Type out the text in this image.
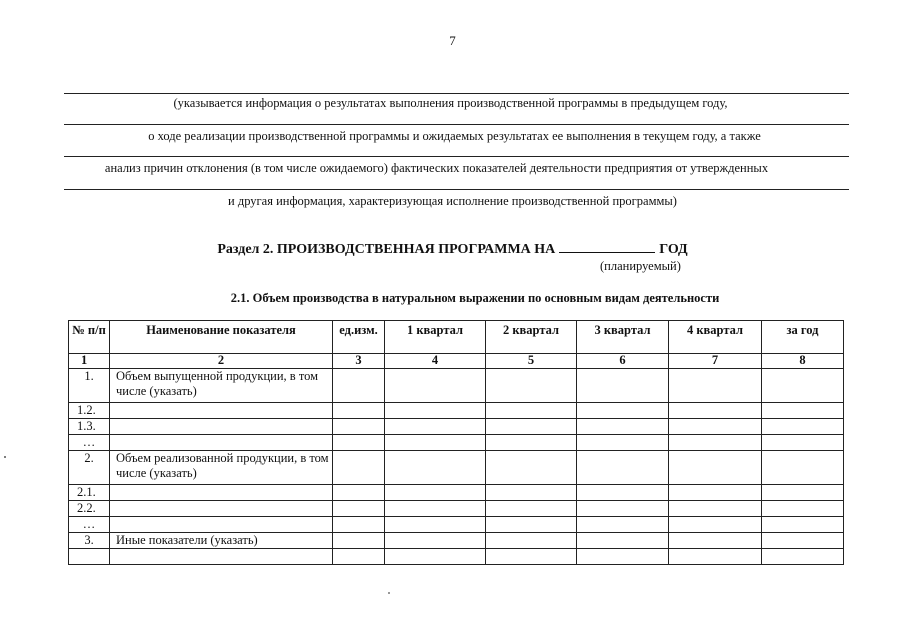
7
(указывается информация о результатах выполнения производственной программы в предыдущем году,
о ходе реализации производственной программы и ожидаемых результатах ее выполнения в текущем году, а также
анализ причин отклонения (в том числе ожидаемого) фактических показателей деятельности предприятия от утвержденных
и другая информация, характеризующая исполнение производственной программы)
Раздел 2. ПРОИЗВОДСТВЕННАЯ ПРОГРАММА НА	ГОД
(планируемый)
2.1. Объем производства в натуральном выражении по основным видам деятельности
№ п/п	Наименование показателя	ед.изм.	1 квартал	2 квартал	3 квартал	4 квартал	за год
1	2	3	4	5	6	7	8
1.	Объем выпущенной продукции, в том числе (указать)						
1.2.							
1.3.							
…							
2.	Объем реализованной продукции, в том числе (указать)						
2.1.							
2.2.							
…							
3.	Иные показатели (указать)						
